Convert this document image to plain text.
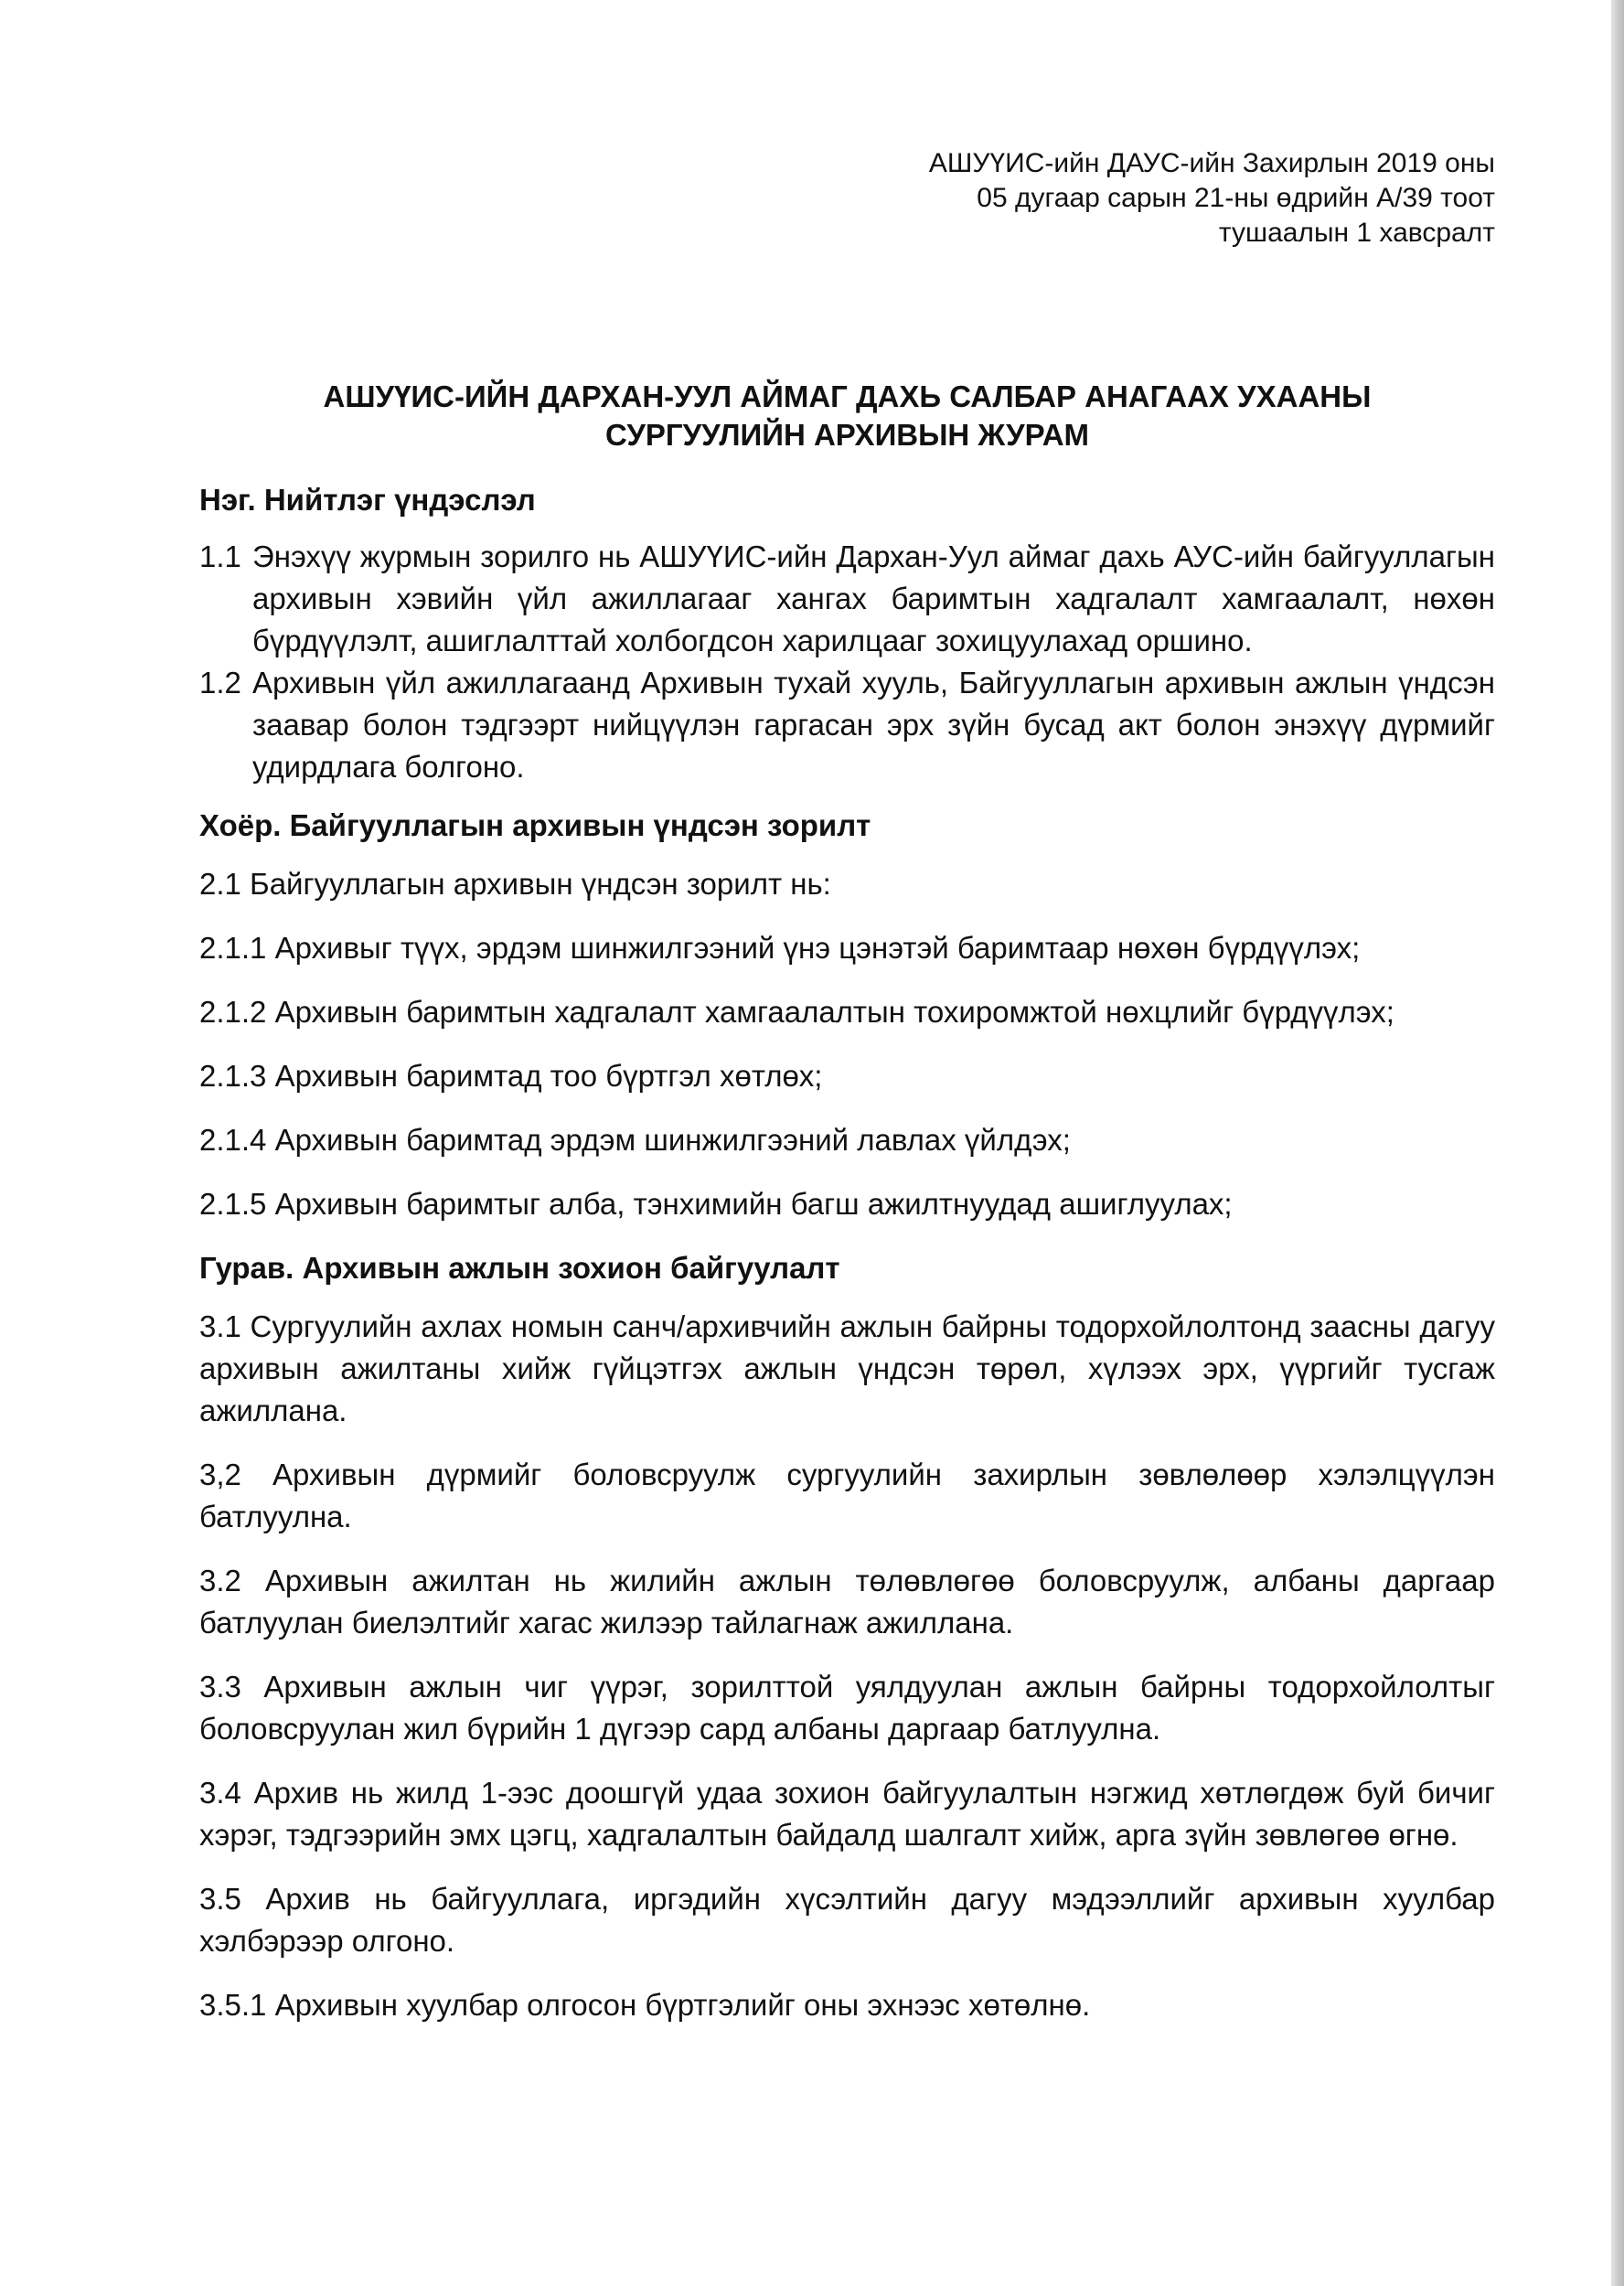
АШУҮИС-ийн ДАУС-ийн Захирлын 2019 оны
05 дугаар сарын 21-ны өдрийн А/39 тоот
тушаалын 1 хавсралт
АШУҮИС-ИЙН ДАРХАН-УУЛ АЙМАГ ДАХЬ САЛБАР АНАГААХ УХААНЫ
СУРГУУЛИЙН АРХИВЫН ЖУРАМ
Нэг. Нийтлэг үндэслэл
1.1 Энэхүү журмын зорилго нь АШУҮИС-ийн Дархан-Уул аймаг дахь АУС-ийн байгууллагын архивын хэвийн үйл ажиллагааг хангах баримтын хадгалалт хамгаалалт, нөхөн бүрдүүлэлт, ашиглалттай холбогдсон харилцааг зохицуулахад оршино.
1.2 Архивын үйл ажиллагаанд Архивын тухай хууль, Байгууллагын архивын ажлын үндсэн заавар болон тэдгээрт нийцүүлэн гаргасан эрх зүйн бусад акт болон энэхүү дүрмийг удирдлага болгоно.
Хоёр. Байгууллагын архивын үндсэн зорилт

2.1 Байгууллагын архивын үндсэн зорилт нь:

2.1.1 Архивыг түүх, эрдэм шинжилгээний үнэ цэнэтэй баримтаар нөхөн бүрдүүлэх;

2.1.2 Архивын баримтын хадгалалт хамгаалалтын тохиромжтой нөхцлийг бүрдүүлэх;

2.1.3 Архивын баримтад тоо бүртгэл хөтлөх;

2.1.4 Архивын баримтад эрдэм шинжилгээний лавлах үйлдэх;

2.1.5 Архивын баримтыг алба, тэнхимийн багш ажилтнуудад ашиглуулах;

Гурав. Архивын ажлын зохион байгуулалт

3.1 Сургуулийн ахлах номын санч/архивчийн ажлын байрны тодорхойлолтонд заасны дагуу архивын ажилтаны хийж гүйцэтгэх ажлын үндсэн төрөл, хүлээх эрх, үүргийг тусгаж ажиллана.

3,2 Архивын дүрмийг боловсруулж сургуулийн захирлын зөвлөлөөр хэлэлцүүлэн батлуулна.

3.2 Архивын ажилтан нь жилийн ажлын төлөвлөгөө боловсруулж, албаны даргаар батлуулан биелэлтийг хагас жилээр тайлагнаж ажиллана.

3.3 Архивын ажлын чиг үүрэг, зорилттой уялдуулан ажлын байрны тодорхойлолтыг боловсруулан жил бүрийн 1 дүгээр сард албаны даргаар батлуулна.

3.4 Архив нь жилд 1-ээс доошгүй удаа зохион байгуулалтын нэгжид хөтлөгдөж буй бичиг хэрэг, тэдгээрийн эмх цэгц, хадгалалтын байдалд шалгалт хийж, арга зүйн зөвлөгөө өгнө.

3.5 Архив нь байгууллага, иргэдийн хүсэлтийн дагуу мэдээллийг архивын хуулбар хэлбэрээр олгоно.

3.5.1 Архивын хуулбар олгосон бүртгэлийг оны эхнээс хөтөлнө.
